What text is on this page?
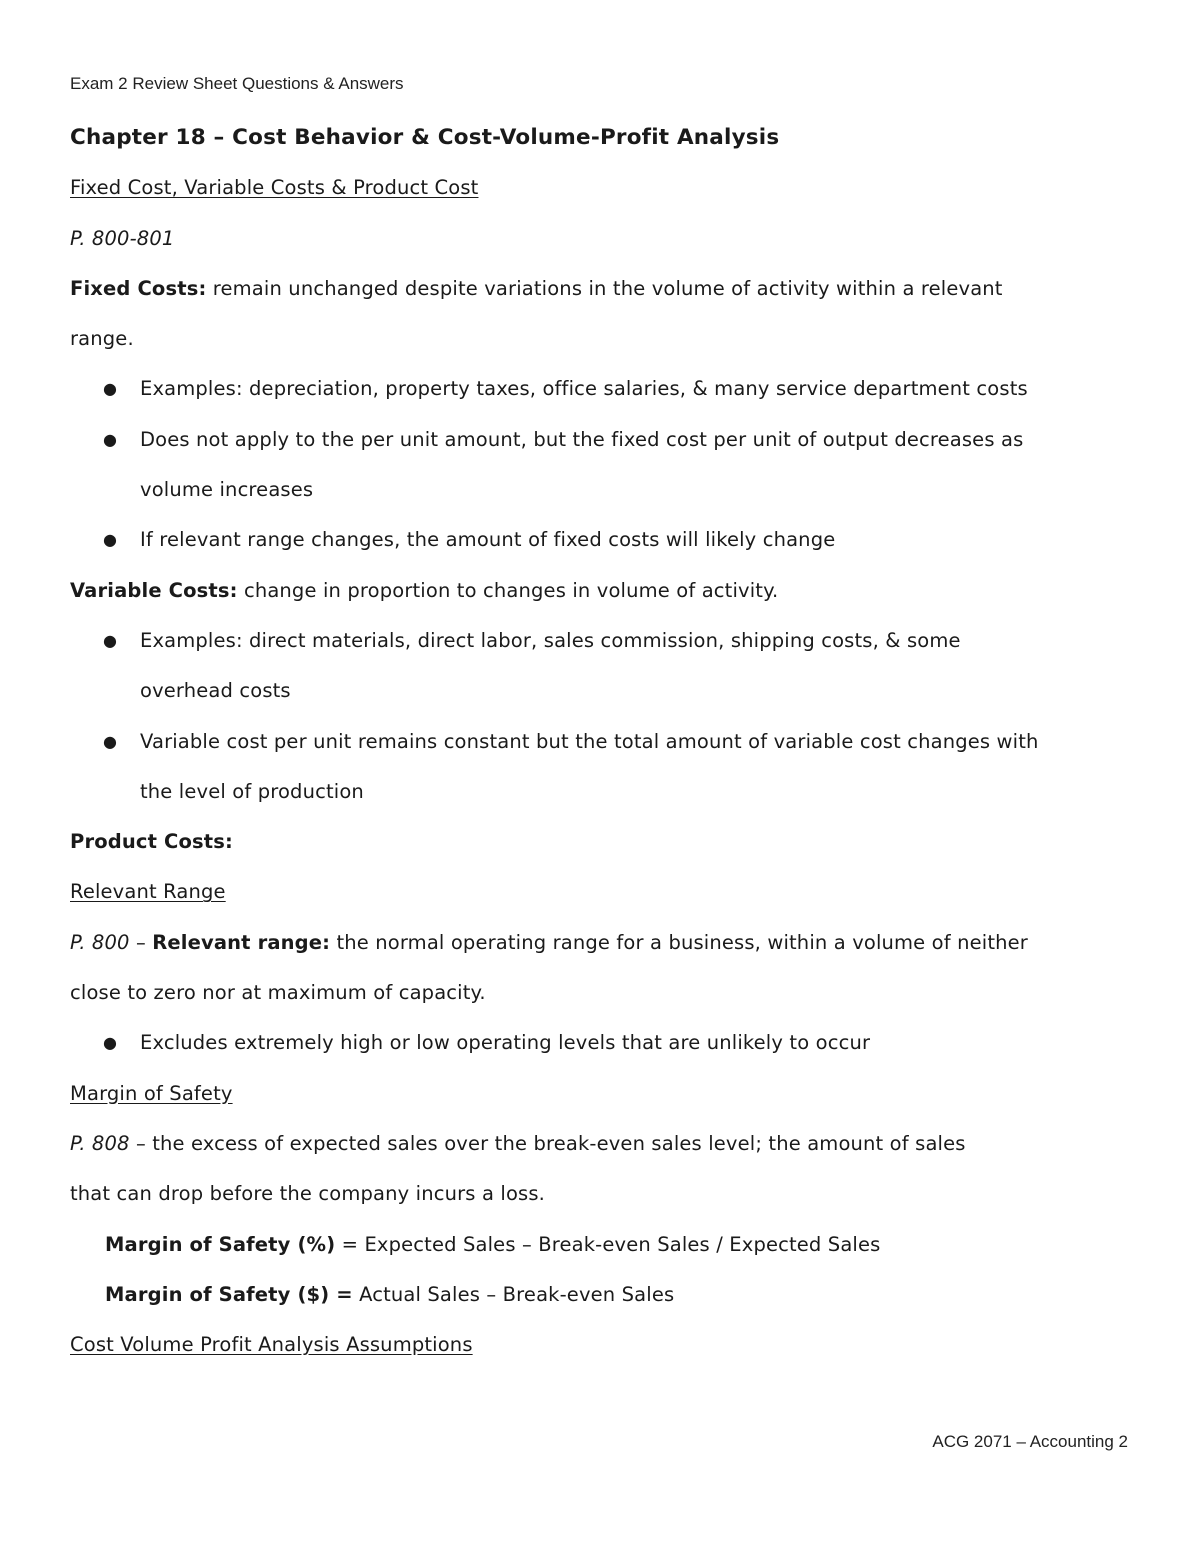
Exam 2 Review Sheet Questions & Answers
Chapter 18 – Cost Behavior & Cost-Volume-Profit Analysis
Fixed Cost, Variable Costs & Product Cost
P. 800-801
Fixed Costs: remain unchanged despite variations in the volume of activity within a relevant
range.
● Examples: depreciation, property taxes, office salaries, & many service department costs
● Does not apply to the per unit amount, but the fixed cost per unit of output decreases as
volume increases
● If relevant range changes, the amount of fixed costs will likely change
Variable Costs: change in proportion to changes in volume of activity.
● Examples: direct materials, direct labor, sales commission, shipping costs, & some
overhead costs
● Variable cost per unit remains constant but the total amount of variable cost changes with
the level of production
Product Costs:
Relevant Range
P. 800 – Relevant range: the normal operating range for a business, within a volume of neither
close to zero nor at maximum of capacity.
● Excludes extremely high or low operating levels that are unlikely to occur
Margin of Safety
P. 808 – the excess of expected sales over the break-even sales level; the amount of sales
that can drop before the company incurs a loss.
Margin of Safety (%) = Expected Sales – Break-even Sales / Expected Sales
Margin of Safety ($) = Actual Sales – Break-even Sales
Cost Volume Profit Analysis Assumptions
ACG 2071 – Accounting 2
